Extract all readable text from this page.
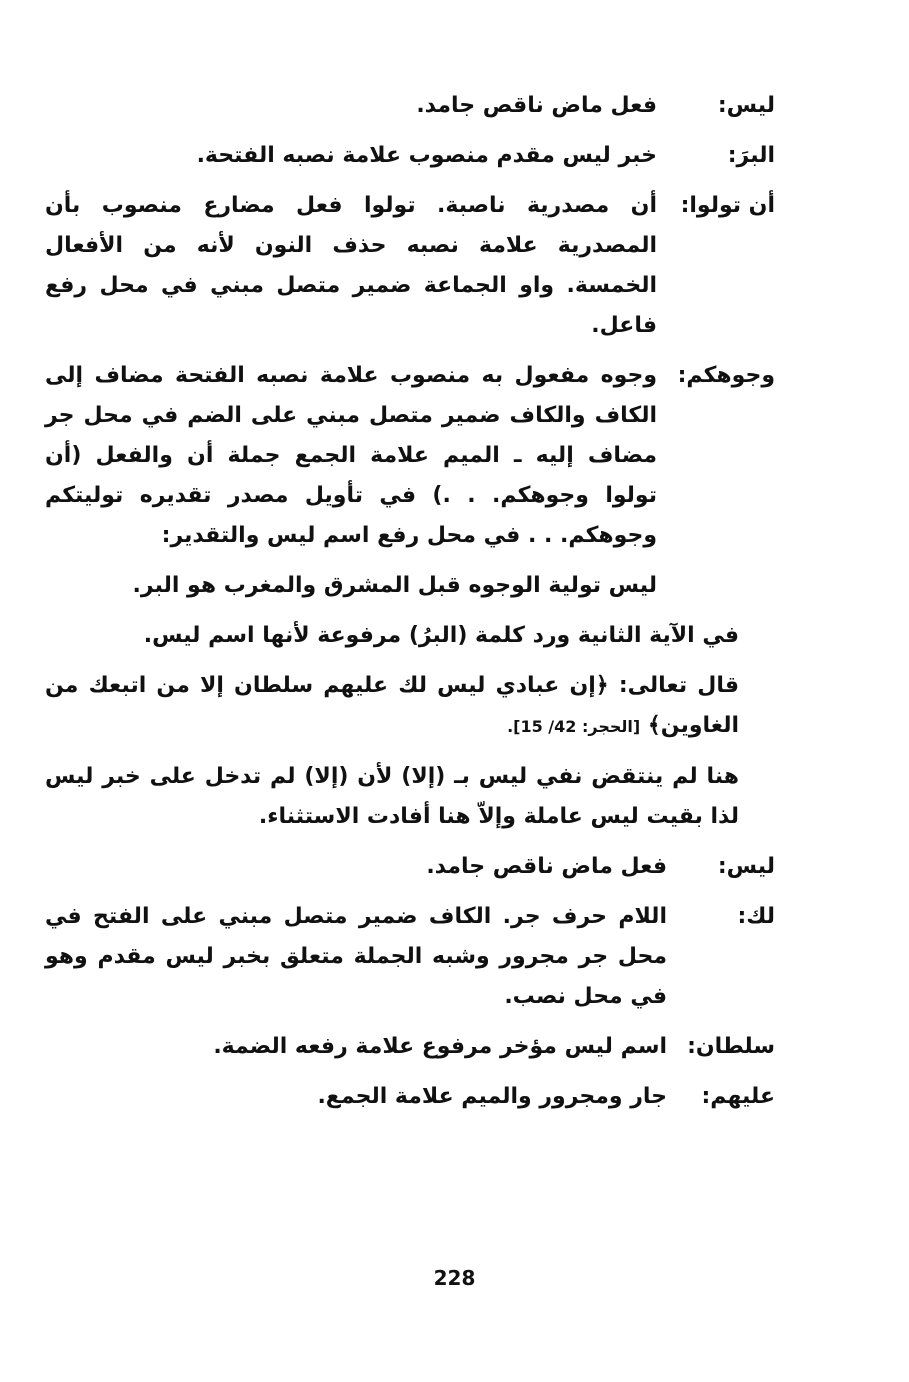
ليس:
فعل ماض ناقص جامد.
البرَ:
خبر ليس مقدم منصوب علامة نصبه الفتحة.
أن تولوا:
أن مصدرية ناصبة. تولوا فعل مضارع منصوب بأن المصدرية علامة نصبه حذف النون لأنه من الأفعال الخمسة. واو الجماعة ضمير متصل مبني في محل رفع فاعل.
وجوهكم:
وجوه مفعول به منصوب علامة نصبه الفتحة مضاف إلى الكاف والكاف ضمير متصل مبني على الضم في محل جر مضاف إليه ـ الميم علامة الجمع جملة أن والفعل (أن تولوا وجوهكم. . .) في تأويل مصدر تقديره توليتكم وجوهكم. . . في محل رفع اسم ليس والتقدير:
ليس تولية الوجوه قبل المشرق والمغرب هو البر.
في الآية الثانية ورد كلمة (البرُ) مرفوعة لأنها اسم ليس.
قال تعالى: ﴿إن عبادي ليس لك عليهم سلطان إلا من اتبعك من الغاوين﴾ [الحجر: 42/ 15].
هنا لم ينتقض نفي ليس بـ (إلا) لأن (إلا) لم تدخل على خبر ليس لذا بقيت ليس عاملة وإلاّ هنا أفادت الاستثناء.
ليس:
فعل ماض ناقص جامد.
لك:
اللام حرف جر. الكاف ضمير متصل مبني على الفتح في محل جر مجرور وشبه الجملة متعلق بخبر ليس مقدم وهو في محل نصب.
سلطان:
اسم ليس مؤخر مرفوع علامة رفعه الضمة.
عليهم:
جار ومجرور والميم علامة الجمع.
228
